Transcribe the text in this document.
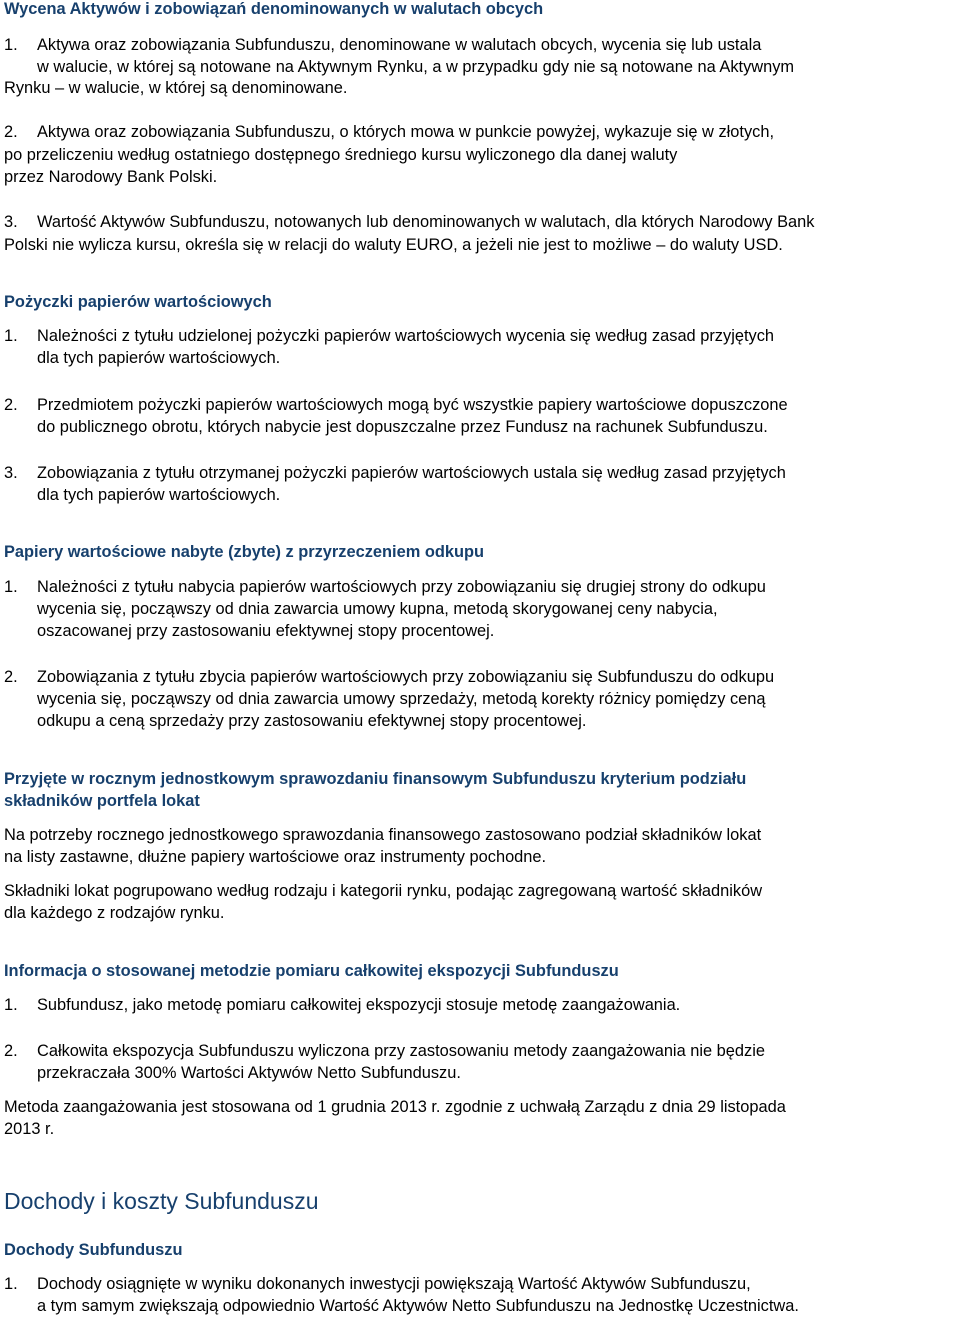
Wycena Aktywów i zobowiązań denominowanych w walutach obcych
1. Aktywa oraz zobowiązania Subfunduszu, denominowane w walutach obcych, wycenia się lub ustala
w walucie, w której są notowane na Aktywnym Rynku, a w przypadku gdy nie są notowane na Aktywnym
Rynku – w walucie, w której są denominowane.
2. Aktywa oraz zobowiązania Subfunduszu, o których mowa w punkcie powyżej, wykazuje się w złotych,
po przeliczeniu według ostatniego dostępnego średniego kursu wyliczonego dla danej waluty
przez Narodowy Bank Polski.
3. Wartość Aktywów Subfunduszu, notowanych lub denominowanych w walutach, dla których Narodowy Bank
Polski nie wylicza kursu, określa się w relacji do waluty EURO, a jeżeli nie jest to możliwe – do waluty USD.
Pożyczki papierów wartościowych
1. Należności z tytułu udzielonej pożyczki papierów wartościowych wycenia się według zasad przyjętych
dla tych papierów wartościowych.
2. Przedmiotem pożyczki papierów wartościowych mogą być wszystkie papiery wartościowe dopuszczone
do publicznego obrotu, których nabycie jest dopuszczalne przez Fundusz na rachunek Subfunduszu.
3. Zobowiązania z tytułu otrzymanej pożyczki papierów wartościowych ustala się według zasad przyjętych
dla tych papierów wartościowych.
Papiery wartościowe nabyte (zbyte) z przyrzeczeniem odkupu
1. Należności z tytułu nabycia papierów wartościowych przy zobowiązaniu się drugiej strony do odkupu
wycenia się, począwszy od dnia zawarcia umowy kupna, metodą skorygowanej ceny nabycia,
oszacowanej przy zastosowaniu efektywnej stopy procentowej.
2. Zobowiązania z tytułu zbycia papierów wartościowych przy zobowiązaniu się Subfunduszu do odkupu
wycenia się, począwszy od dnia zawarcia umowy sprzedaży, metodą korekty różnicy pomiędzy ceną
odkupu a ceną sprzedaży przy zastosowaniu efektywnej stopy procentowej.
Przyjęte w rocznym jednostkowym sprawozdaniu finansowym Subfunduszu kryterium podziału
składników portfela lokat
Na potrzeby rocznego jednostkowego sprawozdania finansowego zastosowano podział składników lokat
na listy zastawne, dłużne papiery wartościowe oraz instrumenty pochodne.
Składniki lokat pogrupowano według rodzaju i kategorii rynku, podając zagregowaną wartość składników
dla każdego z rodzajów rynku.
Informacja o stosowanej metodzie pomiaru całkowitej ekspozycji Subfunduszu
1. Subfundusz, jako metodę pomiaru całkowitej ekspozycji stosuje metodę zaangażowania.
2. Całkowita ekspozycja Subfunduszu wyliczona przy zastosowaniu metody zaangażowania nie będzie
przekraczała 300% Wartości Aktywów Netto Subfunduszu.
Metoda zaangażowania jest stosowana od 1 grudnia 2013 r. zgodnie z uchwałą Zarządu z dnia 29 listopada
2013 r.
Dochody i koszty Subfunduszu
Dochody Subfunduszu
1. Dochody osiągnięte w wyniku dokonanych inwestycji powiększają Wartość Aktywów Subfunduszu,
a tym samym zwiększają odpowiednio Wartość Aktywów Netto Subfunduszu na Jednostkę Uczestnictwa.
